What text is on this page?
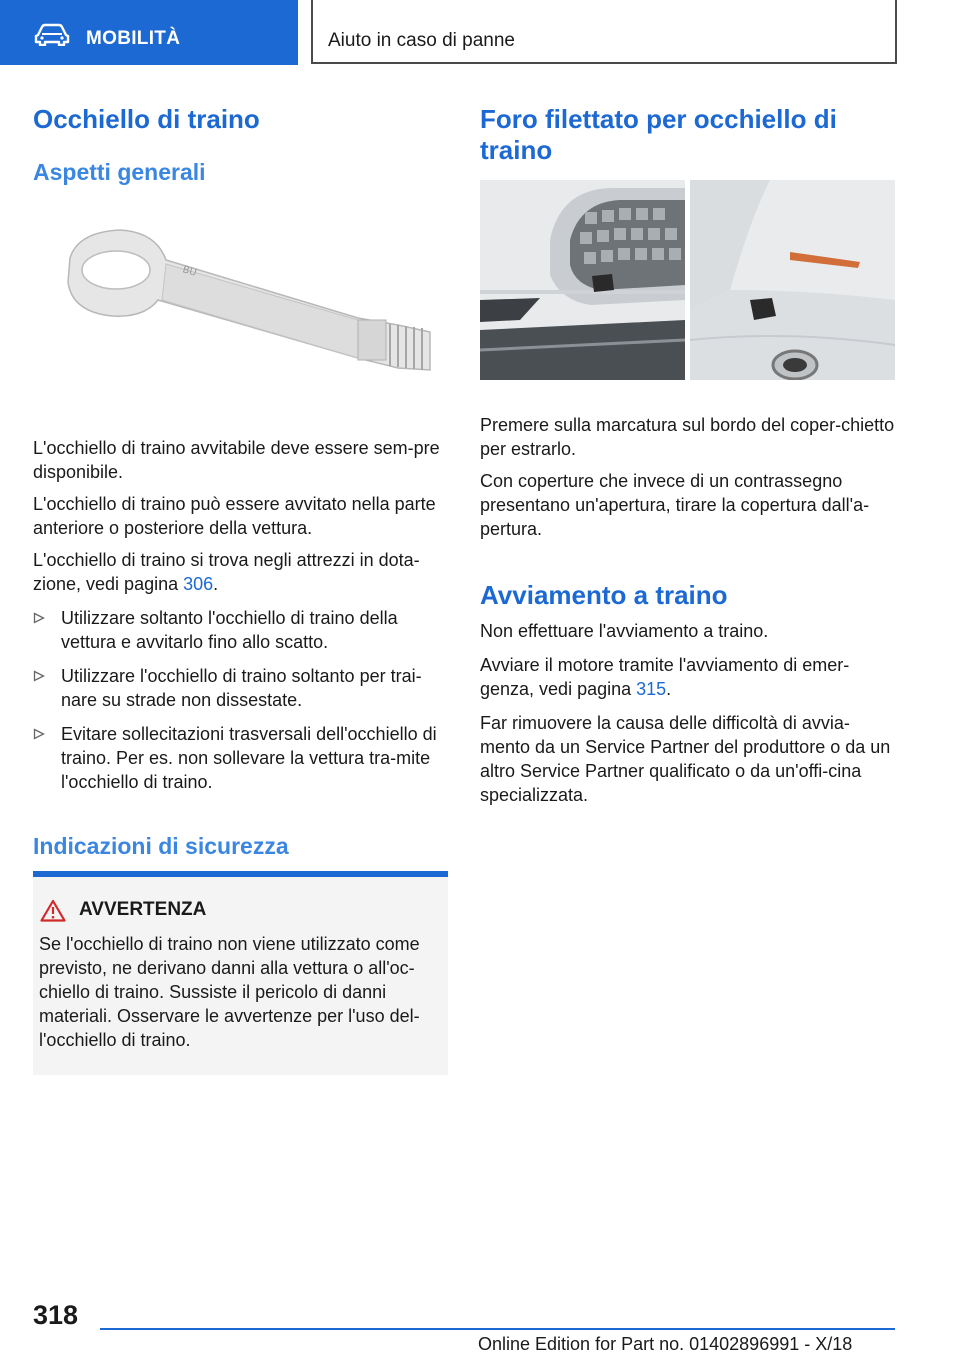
MOBILITÀ	Aiuto in caso di panne
Occhiello di traino
Aspetti generali
BU

L'occhiello di traino avvitabile deve essere sem‐pre disponibile.

L'occhiello di traino può essere avvitato nella parte anteriore o posteriore della vettura.

L'occhiello di traino si trova negli attrezzi in dota‐zione, vedi pagina 306.

Utilizzare soltanto l'occhiello di traino della vettura e avvitarlo fino allo scatto.
Utilizzare l'occhiello di traino soltanto per trai‐nare su strade non dissestate.
Evitare sollecitazioni trasversali dell'occhiello di traino. Per es. non sollevare la vettura tra‐mite l'occhiello di traino.
Indicazioni di sicurezza
AVVERTENZA
Se l'occhiello di traino non viene utilizzato come previsto, ne derivano danni alla vettura o all'oc‐chiello di traino. Sussiste il pericolo di danni materiali. Osservare le avvertenze per l'uso del‐l'occhiello di traino.
Foro filettato per occhiello di traino

Premere sulla marcatura sul bordo del coper‐chietto per estrarlo.

Con coperture che invece di un contrassegno presentano un'apertura, tirare la copertura dall'a‐pertura.

Avviamento a traino

Non effettuare l'avviamento a traino.

Avviare il motore tramite l'avviamento di emer‐genza, vedi pagina 315.

Far rimuovere la causa delle difficoltà di avvia‐mento da un Service Partner del produttore o da un altro Service Partner qualificato o da un'offi‐cina specializzata.

318
Online Edition for Part no. 01402896991 - X/18
